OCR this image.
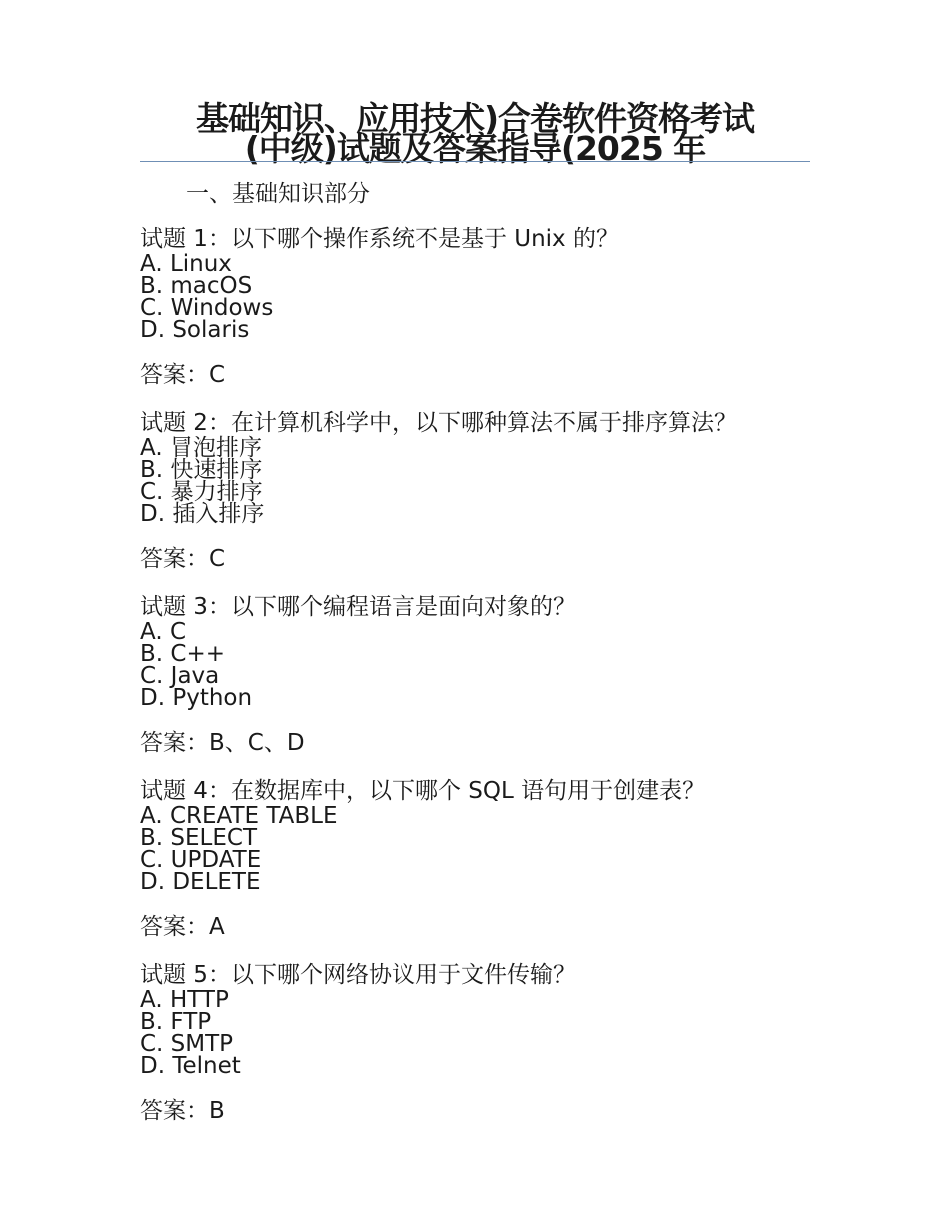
基础知识、应用技术)合卷软件资格考试
(中级)试题及答案指导(2025 年
一、基础知识部分
试题 1：以下哪个操作系统不是基于 Unix 的？
A. Linux
B. macOS
C. Windows
D. Solaris
答案：C
试题 2：在计算机科学中，以下哪种算法不属于排序算法？
A. 冒泡排序
B. 快速排序
C. 暴力排序
D. 插入排序
答案：C
试题 3：以下哪个编程语言是面向对象的？
A. C
B. C++
C. Java
D. Python
答案：B、C、D
试题 4：在数据库中，以下哪个 SQL 语句用于创建表？
A. CREATE TABLE
B. SELECT
C. UPDATE
D. DELETE
答案：A
试题 5：以下哪个网络协议用于文件传输？
A. HTTP
B. FTP
C. SMTP
D. Telnet
答案：B
